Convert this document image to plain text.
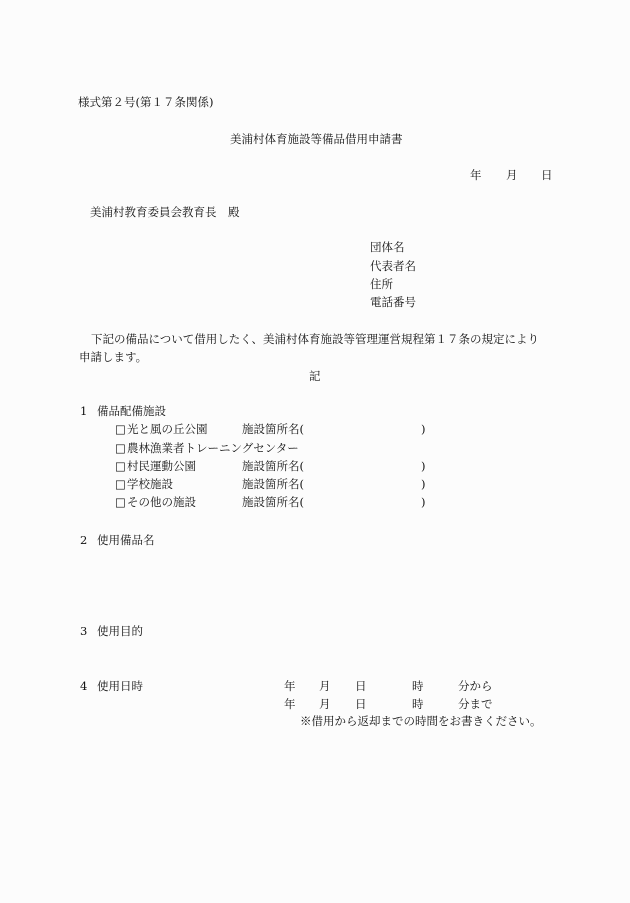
様式第２号(第１７条関係)
美浦村体育施設等備品借用申請書
年 月 日
美浦村教育委員会教育長　殿
団体名
代表者名
住所
電話番号
下記の備品について借用したく、美浦村体育施設等管理運営規程第１７条の規定により
申請します。
記
1 備品配備施設
□ 光と風の丘公園	施設箇所名(	)
□ 農林漁業者トレーニングセンター
□ 村民運動公園	施設箇所名(	)
□ 学校施設	施設箇所名(	)
□ その他の施設	施設箇所名(	)
2 使用備品名
3 使用目的
4 使用日時	年 月 日	時	分から
年 月 日	時	分まで
※借用から返却までの時間をお書きください。
